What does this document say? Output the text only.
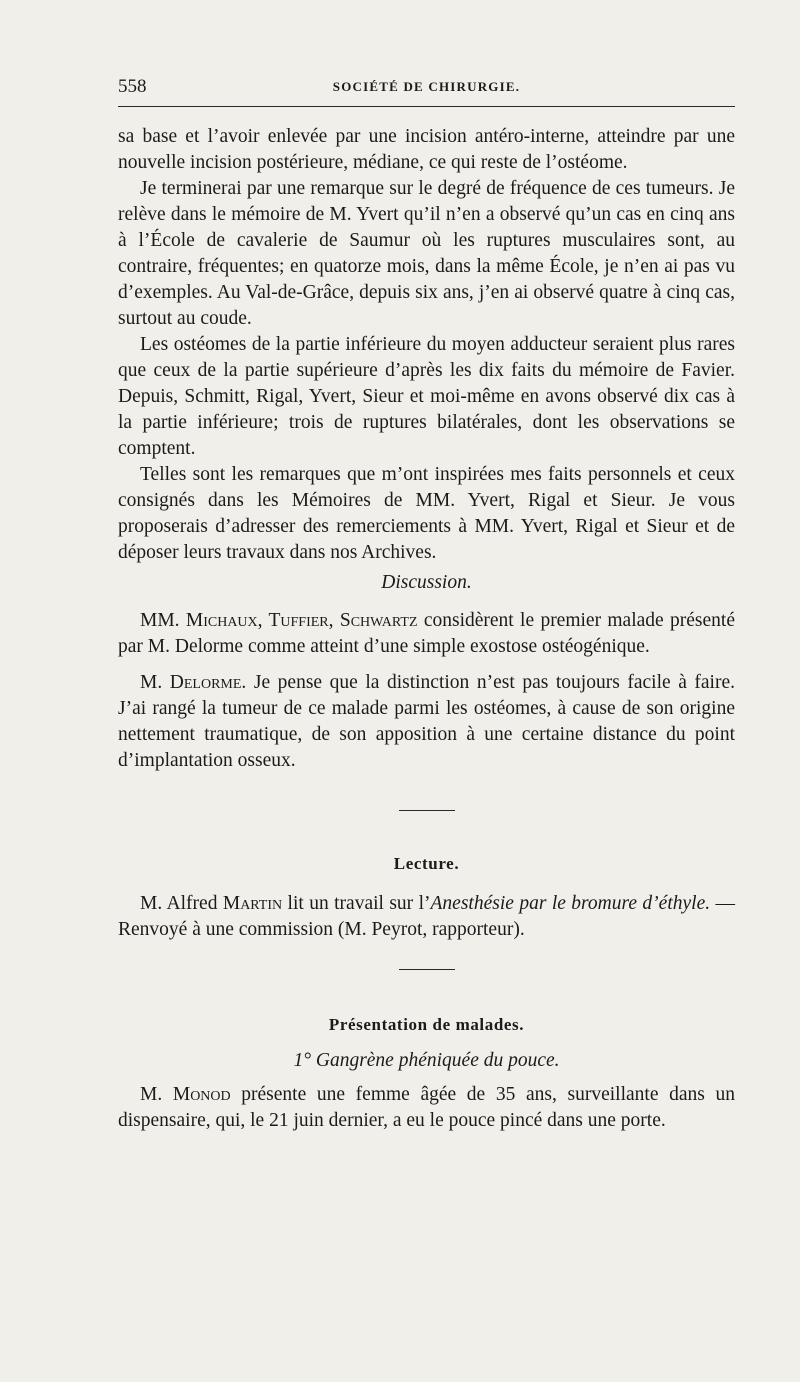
558	SOCIÉTÉ DE CHIRURGIE.

sa base et l’avoir enlevée par une incision antéro-interne, atteindre par une nouvelle incision postérieure, médiane, ce qui reste de l’ostéome.

Je terminerai par une remarque sur le degré de fréquence de ces tumeurs. Je relève dans le mémoire de M. Yvert qu’il n’en a observé qu’un cas en cinq ans à l’École de cavalerie de Saumur où les ruptures musculaires sont, au contraire, fréquentes; en quatorze mois, dans la même École, je n’en ai pas vu d’exemples. Au Val-de-Grâce, depuis six ans, j’en ai observé quatre à cinq cas, surtout au coude.

Les ostéomes de la partie inférieure du moyen adducteur seraient plus rares que ceux de la partie supérieure d’après les dix faits du mémoire de Favier. Depuis, Schmitt, Rigal, Yvert, Sieur et moi-même en avons observé dix cas à la partie inférieure; trois de ruptures bilatérales, dont les observations se comptent.

Telles sont les remarques que m’ont inspirées mes faits personnels et ceux consignés dans les Mémoires de MM. Yvert, Rigal et Sieur. Je vous proposerais d’adresser des remerciements à MM. Yvert, Rigal et Sieur et de déposer leurs travaux dans nos Archives.

Discussion.

MM. Michaux, Tuffier, Schwartz considèrent le premier malade présenté par M. Delorme comme atteint d’une simple exostose ostéogénique.

M. Delorme. Je pense que la distinction n’est pas toujours facile à faire. J’ai rangé la tumeur de ce malade parmi les ostéomes, à cause de son origine nettement traumatique, de son apposition à une certaine distance du point d’implantation osseux.

Lecture.

M. Alfred Martin lit un travail sur l’Anesthésie par le bromure d’éthyle. — Renvoyé à une commission (M. Peyrot, rapporteur).

Présentation de malades.

1° Gangrène phéniquée du pouce.

M. Monod présente une femme âgée de 35 ans, surveillante dans un dispensaire, qui, le 21 juin dernier, a eu le pouce pincé dans une porte.
